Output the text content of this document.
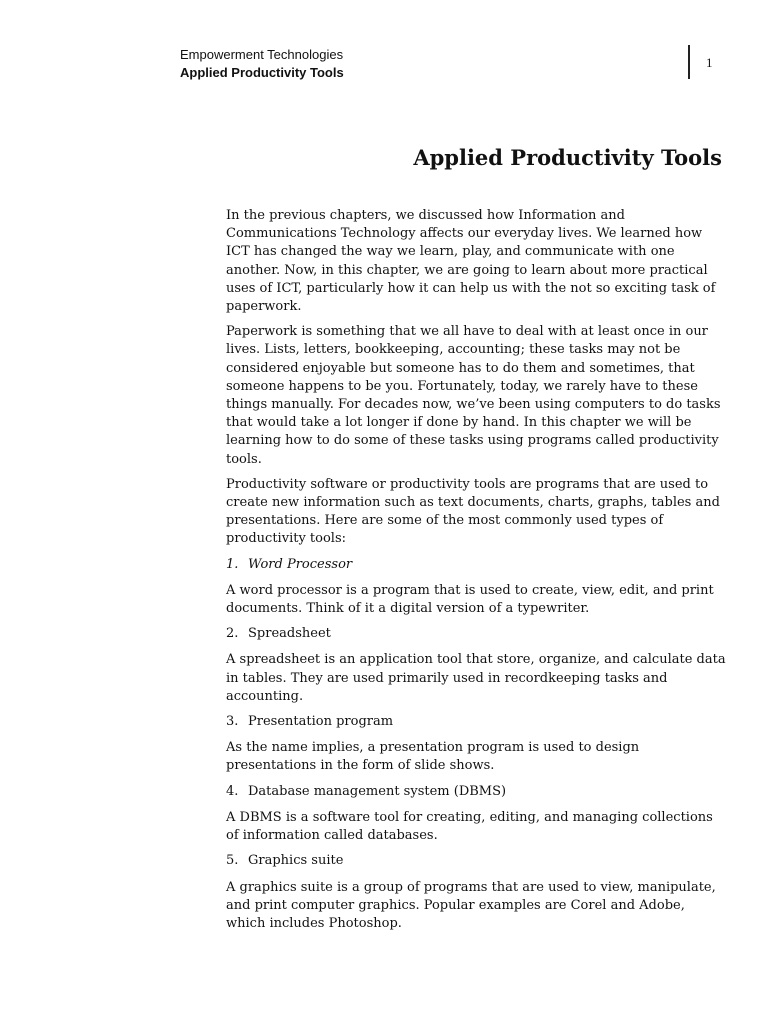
Empowerment Technologies
Applied Productivity Tools
1
Applied Productivity Tools

In the previous chapters, we discussed how Information and Communications Technology affects our everyday lives. We learned how ICT has changed the way we learn, play, and communicate with one another. Now, in this chapter, we are going to learn about more practical uses of ICT, particularly how it can help us with the not so exciting task of paperwork.

Paperwork is something that we all have to deal with at least once in our lives. Lists, letters, bookkeeping, accounting; these tasks may not be considered enjoyable but someone has to do them and sometimes, that someone happens to be you. Fortunately, today, we rarely have to these things manually. For decades now, we’ve been using computers to do tasks that would take a lot longer if done by hand. In this chapter we will be learning how to do some of these tasks using programs called productivity tools.

Productivity software or productivity tools are programs that are used to create new information such as text documents, charts, graphs, tables and presentations. Here are some of the most commonly used types of productivity tools:

1. Word Processor

A word processor is a program that is used to create, view, edit, and print documents. Think of it a digital version of a typewriter.

2. Spreadsheet

A spreadsheet is an application tool that store, organize, and calculate data in tables. They are used primarily used in recordkeeping tasks and accounting.

3. Presentation program

As the name implies, a presentation program is used to design presentations in the form of slide shows.

4. Database management system (DBMS)

A DBMS is a software tool for creating, editing, and managing collections of information called databases.

5. Graphics suite

A graphics suite is a group of programs that are used to view, manipulate, and print computer graphics. Popular examples are Corel and Adobe, which includes Photoshop.
